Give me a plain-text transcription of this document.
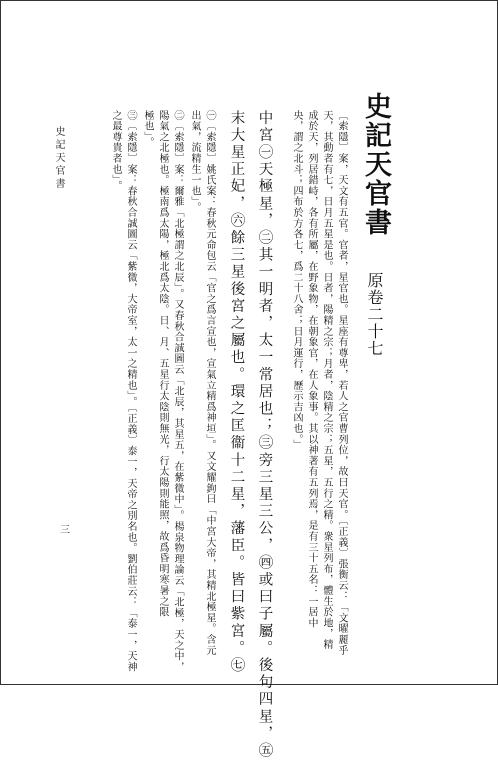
史記天官書
原卷二十七
〔索隱〕案，天文有五官。官者，星官也。星座有尊卑，若人之官曹列位，故曰天官。〔正義〕張衡云：「文曜麗乎
天，其動者有七，日月五星是也。日者，陽精之宗；月者，陰精之宗；五星，五行之精。衆星列布，體生於地，精
成於天，列居錯峙，各有所屬，在野象物，在朝象官，在人象事。其以神著有五列焉，是有三十五名：一居中
央，謂之北斗；四布於方各七，爲二十八舍；日月運行，歷示吉凶也。」
中宮㊀天極星，㊁其一明者，太一常居也；㊂旁三星三公，㊃或曰子屬。後句四星，㊄
末大星正妃，㊅餘三星後宮之屬也。環之匡衞十二星，藩臣。皆曰紫宮。㊆
㊀〔索隱〕姚氏案：春秋元命包云「官之爲言宣也，宣氣立精爲神垣」。又文耀鉤曰「中宮大帝，其精北極星。含元
出氣，流精生一也」。
㊁〔索隱〕案：爾雅「北極謂之北辰」。又春秋合誠圖云「北辰，其星五，在紫微中」。楊泉物理論云「北極，天之中，
陽氣之北極也。極南爲太陽，極北爲太陰。日、月、五星行太陰則無光，行太陽則能照，故爲昏明寒暑之限
極也」。
㊂〔索隱〕案：春秋合誠圖云「紫微，大帝室，太一之精也」。〔正義〕泰一，天帝之別名也。劉伯莊云：「泰一，天神
之最尊貴者也」。
史記天官書
三
